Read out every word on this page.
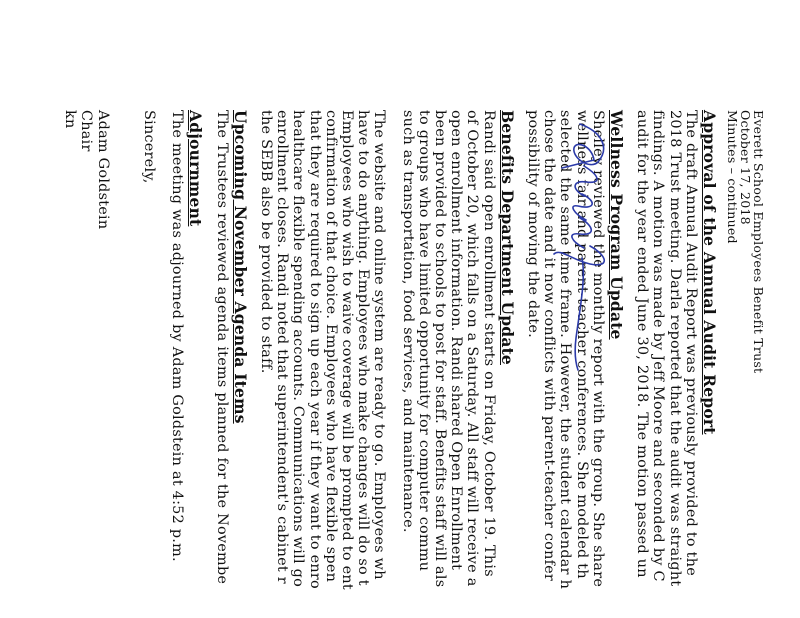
Everett School Employees Benefit Trust
October 17, 2018
Minutes – continued
Approval of the Annual Audit Report
The draft Annual Audit Report was previously provided to the
2018 Trust meeting. Darla reported that the audit was straight
findings. A motion was made by Jeff Moore and seconded by C
audit for the year ended June 30, 2018. The motion passed un
Wellness Program Update
Shelley reviewed the monthly report with the group. She share
wellness fair and parent-teacher conferences. She modeled th
selected the same time frame. However, the student calendar h
chose the date and it now conflicts with parent-teacher confer
possibility of moving the date.
Benefits Department Update
Randi said open enrollment starts on Friday, October 19. This
of October 20, which falls on a Saturday. All staff will receive a
open enrollment information. Randi shared Open Enrollment
been provided to schools to post for staff. Benefits staff will als
to groups who have limited opportunity for computer commu
such as transportation, food services, and maintenance.
The website and online system are ready to go. Employees wh
have to do anything. Employees who make changes will do so t
Employees who wish to waive coverage will be prompted to ent
confirmation of that choice. Employees who have flexible spen
that they are required to sign up each year if they want to enro
healthcare flexible spending accounts. Communications will go
enrollment closes. Randi noted that superintendent's cabinet r
the SEBB also be provided to staff.
Upcoming November Agenda Items
The Trustees reviewed agenda items planned for the Novembe
Adjournment
The meeting was adjourned by Adam Goldstein at 4:52 p.m.
Sincerely,
Adam Goldstein
Chair
kn
